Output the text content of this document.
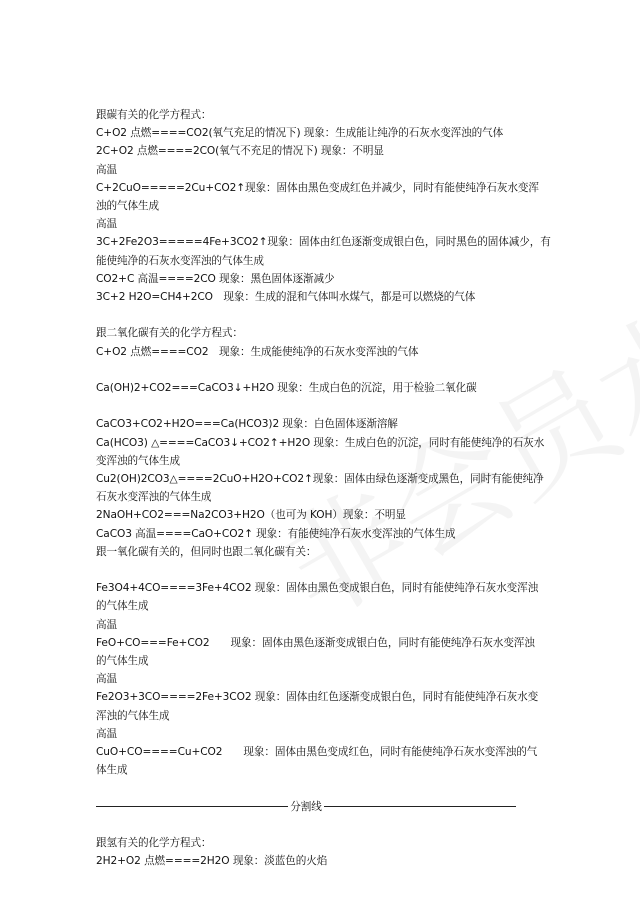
跟碳有关的化学方程式：
C+O2 点燃====CO2(氧气充足的情况下) 现象：生成能让纯净的石灰水变浑浊的气体
2C+O2 点燃====2CO(氧气不充足的情况下) 现象：不明显
高温
C+2CuO=====2Cu+CO2↑现象：固体由黑色变成红色并减少，同时有能使纯净石灰水变浑
浊的气体生成
高温
3C+2Fe2O3=====4Fe+3CO2↑现象：固体由红色逐渐变成银白色，同时黑色的固体减少，有
能使纯净的石灰水变浑浊的气体生成
CO2+C 高温====2CO 现象：黑色固体逐渐减少
3C+2 H2O=CH4+2CO　现象：生成的混和气体叫水煤气，都是可以燃烧的气体
跟二氧化碳有关的化学方程式：
C+O2 点燃====CO2　现象：生成能使纯净的石灰水变浑浊的气体
Ca(OH)2+CO2===CaCO3↓+H2O 现象：生成白色的沉淀，用于检验二氧化碳
CaCO3+CO2+H2O===Ca(HCO3)2 现象：白色固体逐渐溶解
Ca(HCO3) △====CaCO3↓+CO2↑+H2O 现象：生成白色的沉淀，同时有能使纯净的石灰水
变浑浊的气体生成
Cu2(OH)2CO3△====2CuO+H2O+CO2↑现象：固体由绿色逐渐变成黑色，同时有能使纯净
石灰水变浑浊的气体生成
2NaOH+CO2===Na2CO3+H2O（也可为 KOH）现象：不明显
CaCO3 高温====CaO+CO2↑ 现象：有能使纯净石灰水变浑浊的气体生成
跟一氧化碳有关的，但同时也跟二氧化碳有关：
Fe3O4+4CO====3Fe+4CO2 现象：固体由黑色变成银白色，同时有能使纯净石灰水变浑浊
的气体生成
高温
FeO+CO===Fe+CO2　　现象：固体由黑色逐渐变成银白色，同时有能使纯净石灰水变浑浊
的气体生成
高温
Fe2O3+3CO====2Fe+3CO2 现象：固体由红色逐渐变成银白色，同时有能使纯净石灰水变
浑浊的气体生成
高温
CuO+CO====Cu+CO2　　现象：固体由黑色变成红色，同时有能使纯净石灰水变浑浊的气
体生成
分割线
跟氢有关的化学方程式：
2H2+O2 点燃====2H2O 现象：淡蓝色的火焰
